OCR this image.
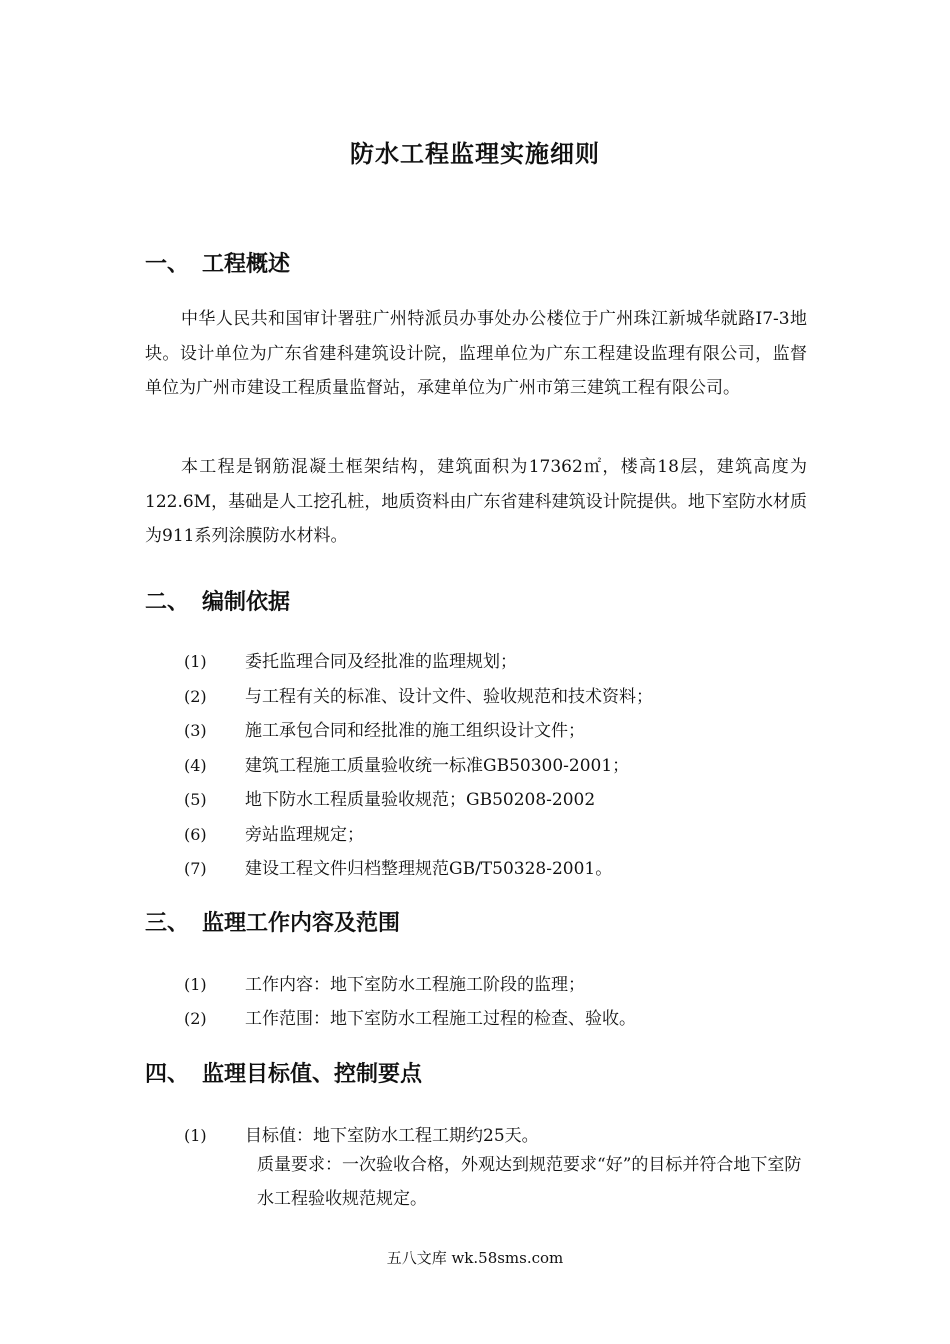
防水工程监理实施细则
一、 工程概述
中华人民共和国审计署驻广州特派员办事处办公楼位于广州珠江新城华就路I7-3地块。设计单位为广东省建科建筑设计院，监理单位为广东工程建设监理有限公司，监督单位为广州市建设工程质量监督站，承建单位为广州市第三建筑工程有限公司。
本工程是钢筋混凝土框架结构，建筑面积为17362㎡，楼高18层，建筑高度为122.6M，基础是人工挖孔桩，地质资料由广东省建科建筑设计院提供。地下室防水材质为911系列涂膜防水材料。
二、 编制依据
(1) 委托监理合同及经批准的监理规划；
(2) 与工程有关的标准、设计文件、验收规范和技术资料；
(3) 施工承包合同和经批准的施工组织设计文件；
(4) 建筑工程施工质量验收统一标准GB50300-2001；
(5) 地下防水工程质量验收规范；GB50208-2002
(6) 旁站监理规定；
(7) 建设工程文件归档整理规范GB/T50328-2001。
三、 监理工作内容及范围
(1) 工作内容：地下室防水工程施工阶段的监理；
(2) 工作范围：地下室防水工程施工过程的检查、验收。
四、 监理目标值、控制要点
(1) 目标值：地下室防水工程工期约25天。
质量要求：一次验收合格，外观达到规范要求“好”的目标并符合地下室防水工程验收规范规定。
五八文库 wk.58sms.com
